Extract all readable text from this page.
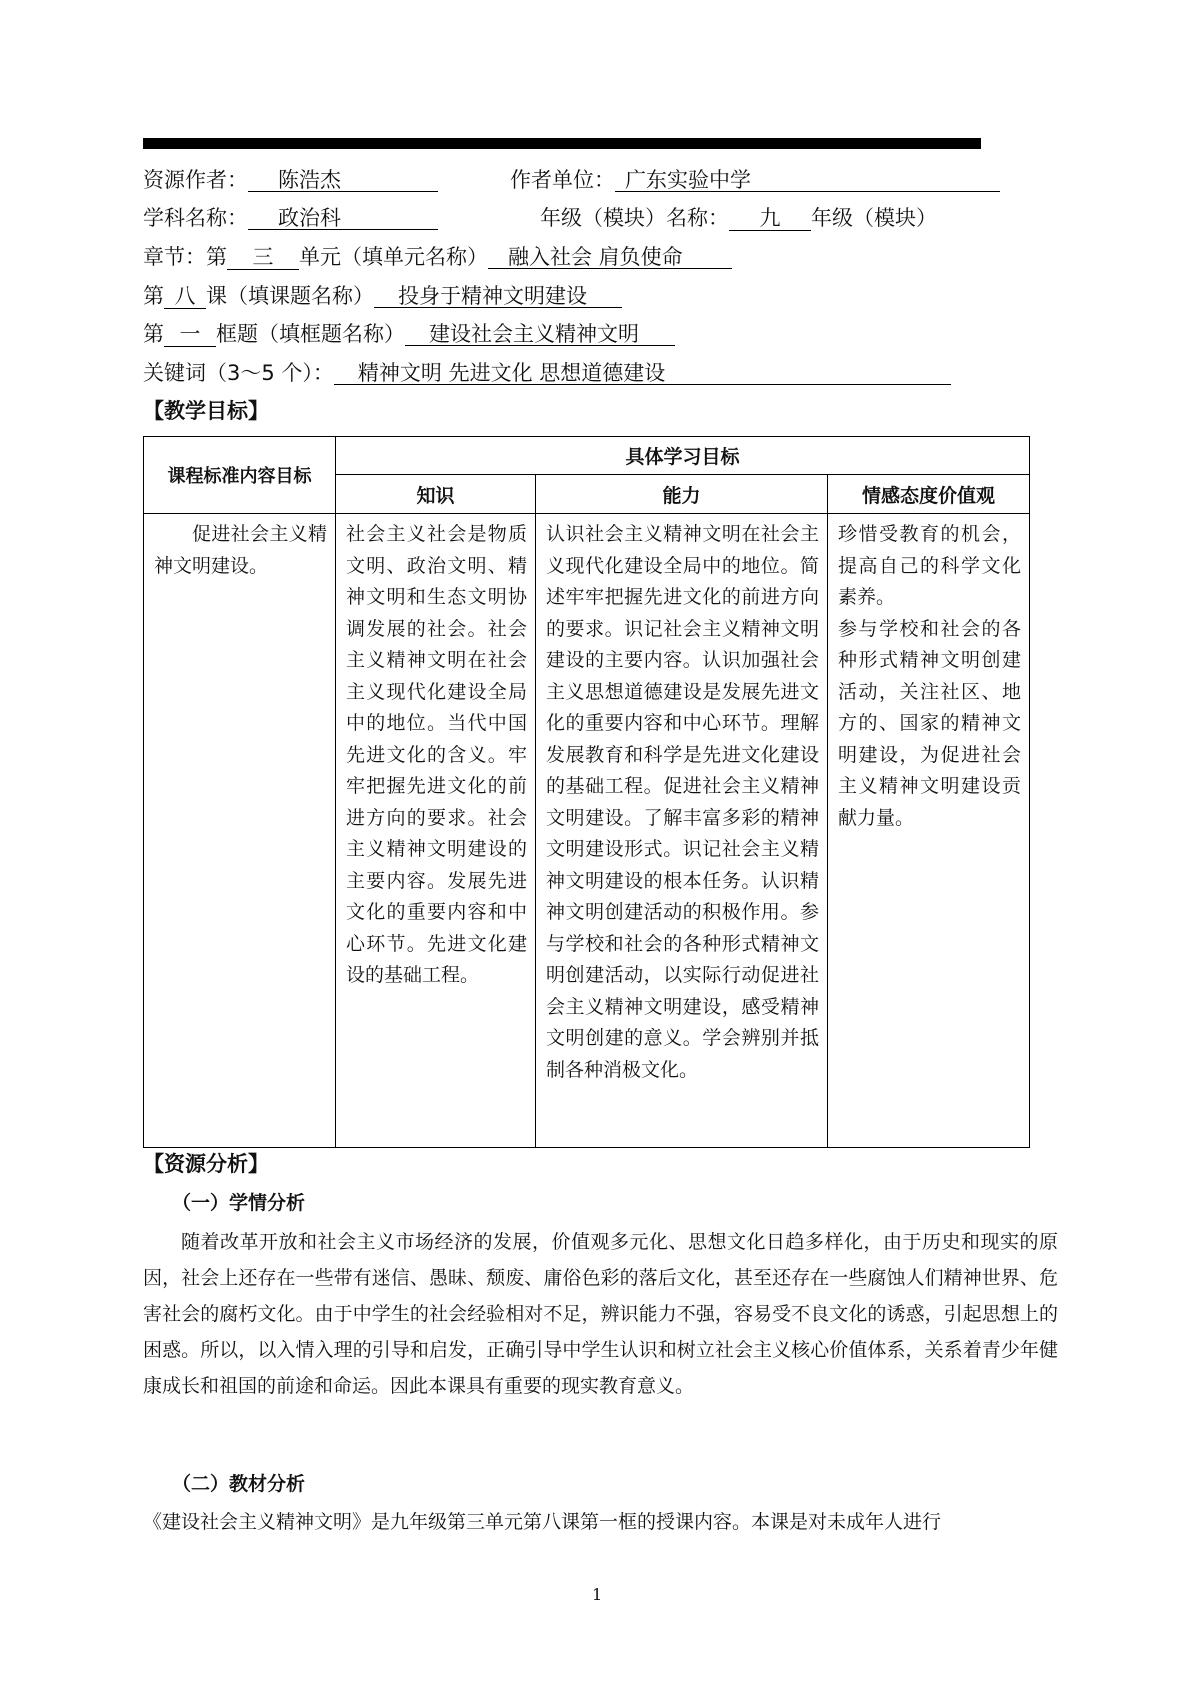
资源作者： 陈浩杰	作者单位： 广东实验中学
学科名称： 政治科	年级（模块）名称： 九 年级（模块）
章节：第 三 单元（填单元名称） 融入社会 肩负使命
第 八 课（填课题名称） 投身于精神文明建设
第 一 框题（填框题名称） 建设社会主义精神文明
关键词（3～5 个）： 精神文明 先进文化 思想道德建设
【教学目标】
课程标准内容目标	具体学习目标		
	知识	能力	情感态度价值观
促进社会主义精神文明建设。	社会主义社会是物质文明、政治文明、精神文明和生态文明协调发展的社会。社会主义精神文明在社会主义现代化建设全局中的地位。当代中国先进文化的含义。牢牢把握先进文化的前进方向的要求。社会主义精神文明建设的主要内容。发展先进文化的重要内容和中心环节。先进文化建设的基础工程。	认识社会主义精神文明在社会主义现代化建设全局中的地位。简述牢牢把握先进文化的前进方向的要求。识记社会主义精神文明建设的主要内容。认识加强社会主义思想道德建设是发展先进文化的重要内容和中心环节。理解发展教育和科学是先进文化建设的基础工程。促进社会主义精神文明建设。了解丰富多彩的精神文明建设形式。识记社会主义精神文明建设的根本任务。认识精神文明创建活动的积极作用。参与学校和社会的各种形式精神文明创建活动，以实际行动促进社会主义精神文明建设，感受精神文明创建的意义。学会辨别并抵制各种消极文化。	珍惜受教育的机会，提高自己的科学文化素养。
参与学校和社会的各种形式精神文明创建活动，关注社区、地方的、国家的精神文明建设，为促进社会主义精神文明建设贡献力量。
【资源分析】
（一）学情分析
随着改革开放和社会主义市场经济的发展，价值观多元化、思想文化日趋多样化，由于历史和现实的原因，社会上还存在一些带有迷信、愚昧、颓废、庸俗色彩的落后文化，甚至还存在一些腐蚀人们精神世界、危害社会的腐朽文化。由于中学生的社会经验相对不足，辨识能力不强，容易受不良文化的诱惑，引起思想上的困惑。所以，以入情入理的引导和启发，正确引导中学生认识和树立社会主义核心价值体系，关系着青少年健康成长和祖国的前途和命运。因此本课具有重要的现实教育意义。
（二）教材分析
《建设社会主义精神文明》是九年级第三单元第八课第一框的授课内容。本课是对未成年人进行
1
